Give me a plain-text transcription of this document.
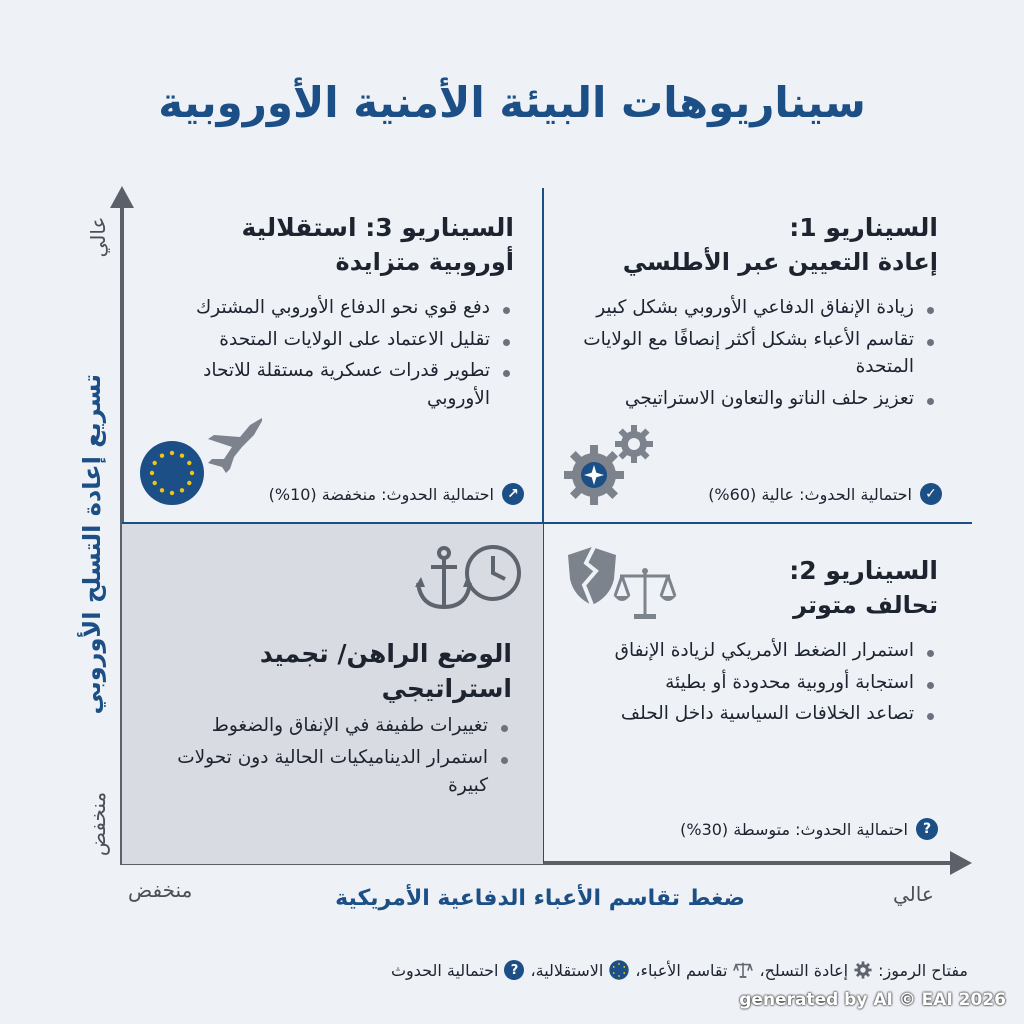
سيناريوهات البيئة الأمنية الأوروبية
تسريع إعادة التسلح الأوروبي
عالي
منخفض
منخفض	عالي
ضغط تقاسم الأعباء الدفاعية الأمريكية
السيناريو 1:
إعادة التعيين عبر الأطلسي
زيادة الإنفاق الدفاعي الأوروبي بشكل كبير
تقاسم الأعباء بشكل أكثر إنصافًا مع الولايات المتحدة
تعزيز حلف الناتو والتعاون الاستراتيجي
✓
احتمالية الحدوث: عالية (60%)
السيناريو 3: استقلالية
أوروبية متزايدة
دفع قوي نحو الدفاع الأوروبي المشترك
تقليل الاعتماد على الولايات المتحدة
تطوير قدرات عسكرية مستقلة للاتحاد الأوروبي
↗
احتمالية الحدوث: منخفضة (10%)
السيناريو 2:
تحالف متوتر
استمرار الضغط الأمريكي لزيادة الإنفاق
استجابة أوروبية محدودة أو بطيئة
تصاعد الخلافات السياسية داخل الحلف
?
احتمالية الحدوث: متوسطة (30%)
الوضع الراهن/ تجميد استراتيجي
تغييرات طفيفة في الإنفاق والضغوط
استمرار الديناميكيات الحالية دون تحولات كبيرة
مفتاح الرموز:
إعادة التسلح،
تقاسم الأعباء،
الاستقلالية،
?
احتمالية الحدوث
generated by AI © EAI 2026
